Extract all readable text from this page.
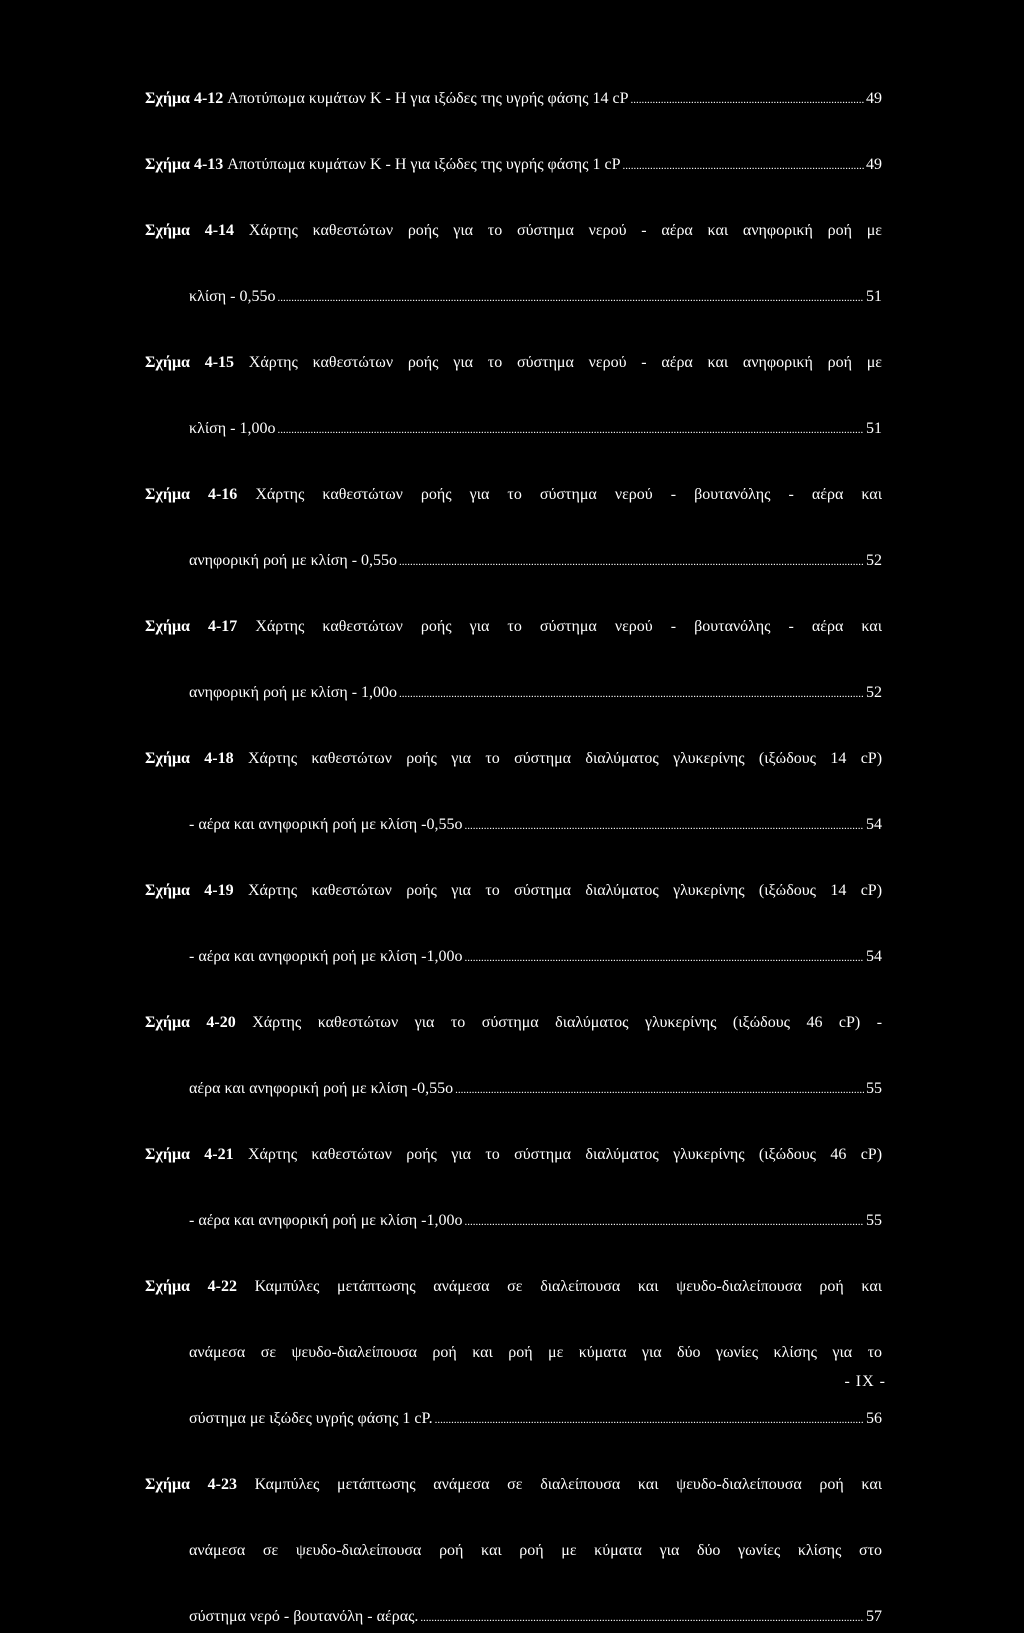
Σχήμα 4-12
Αποτύπωμα κυμάτων K - H για ιξώδες της υγρής φάσης 14 cP .....	49
Σχήμα 4-13
Αποτύπωμα κυμάτων K - H για ιξώδες της υγρής φάσης 1 cP .....	49
Σχήμα 4-14 Χάρτης καθεστώτων ροής για το σύστημα νερού - αέρα και ανηφορική ροή με
κλίση - 0,55ο .....	51
Σχήμα 4-15 Χάρτης καθεστώτων ροής για το σύστημα νερού - αέρα και ανηφορική ροή με
κλίση - 1,00ο .....	51
Σχήμα 4-16 Χάρτης καθεστώτων ροής για το σύστημα νερού - βουτανόλης - αέρα και
ανηφορική ροή με κλίση - 0,55ο .....	52
Σχήμα 4-17 Χάρτης καθεστώτων ροής για το σύστημα νερού - βουτανόλης - αέρα και
ανηφορική ροή με κλίση - 1,00ο .....	52
Σχήμα 4-18 Χάρτης καθεστώτων ροής για το σύστημα διαλύματος γλυκερίνης (ιξώδους 14 cP)
- αέρα και ανηφορική ροή με κλίση -0,55ο .....	54
Σχήμα 4-19 Χάρτης καθεστώτων ροής για το σύστημα διαλύματος γλυκερίνης (ιξώδους 14 cP)
- αέρα και ανηφορική ροή με κλίση -1,00ο .....	54
Σχήμα 4-20 Χάρτης καθεστώτων για το σύστημα διαλύματος γλυκερίνης (ιξώδους 46 cP) -
αέρα και ανηφορική ροή με κλίση -0,55ο .....	55
Σχήμα 4-21 Χάρτης καθεστώτων ροής για το σύστημα διαλύματος γλυκερίνης (ιξώδους 46 cP)
- αέρα και ανηφορική ροή με κλίση -1,00ο .....	55
Σχήμα 4-22 Καμπύλες μετάπτωσης ανάμεσα σε διαλείπουσα και ψευδο-διαλείπουσα ροή και
ανάμεσα σε ψευδο-διαλείπουσα ροή και ροή με κύματα για δύο γωνίες κλίσης για το
σύστημα με ιξώδες υγρής φάσης 1 cP. .....	56
Σχήμα 4-23 Καμπύλες μετάπτωσης ανάμεσα σε διαλείπουσα και ψευδο-διαλείπουσα ροή και
ανάμεσα σε ψευδο-διαλείπουσα ροή και ροή με κύματα για δύο γωνίες κλίσης στο
σύστημα νερό - βουτανόλη - αέρας. .....	57
- IX -
